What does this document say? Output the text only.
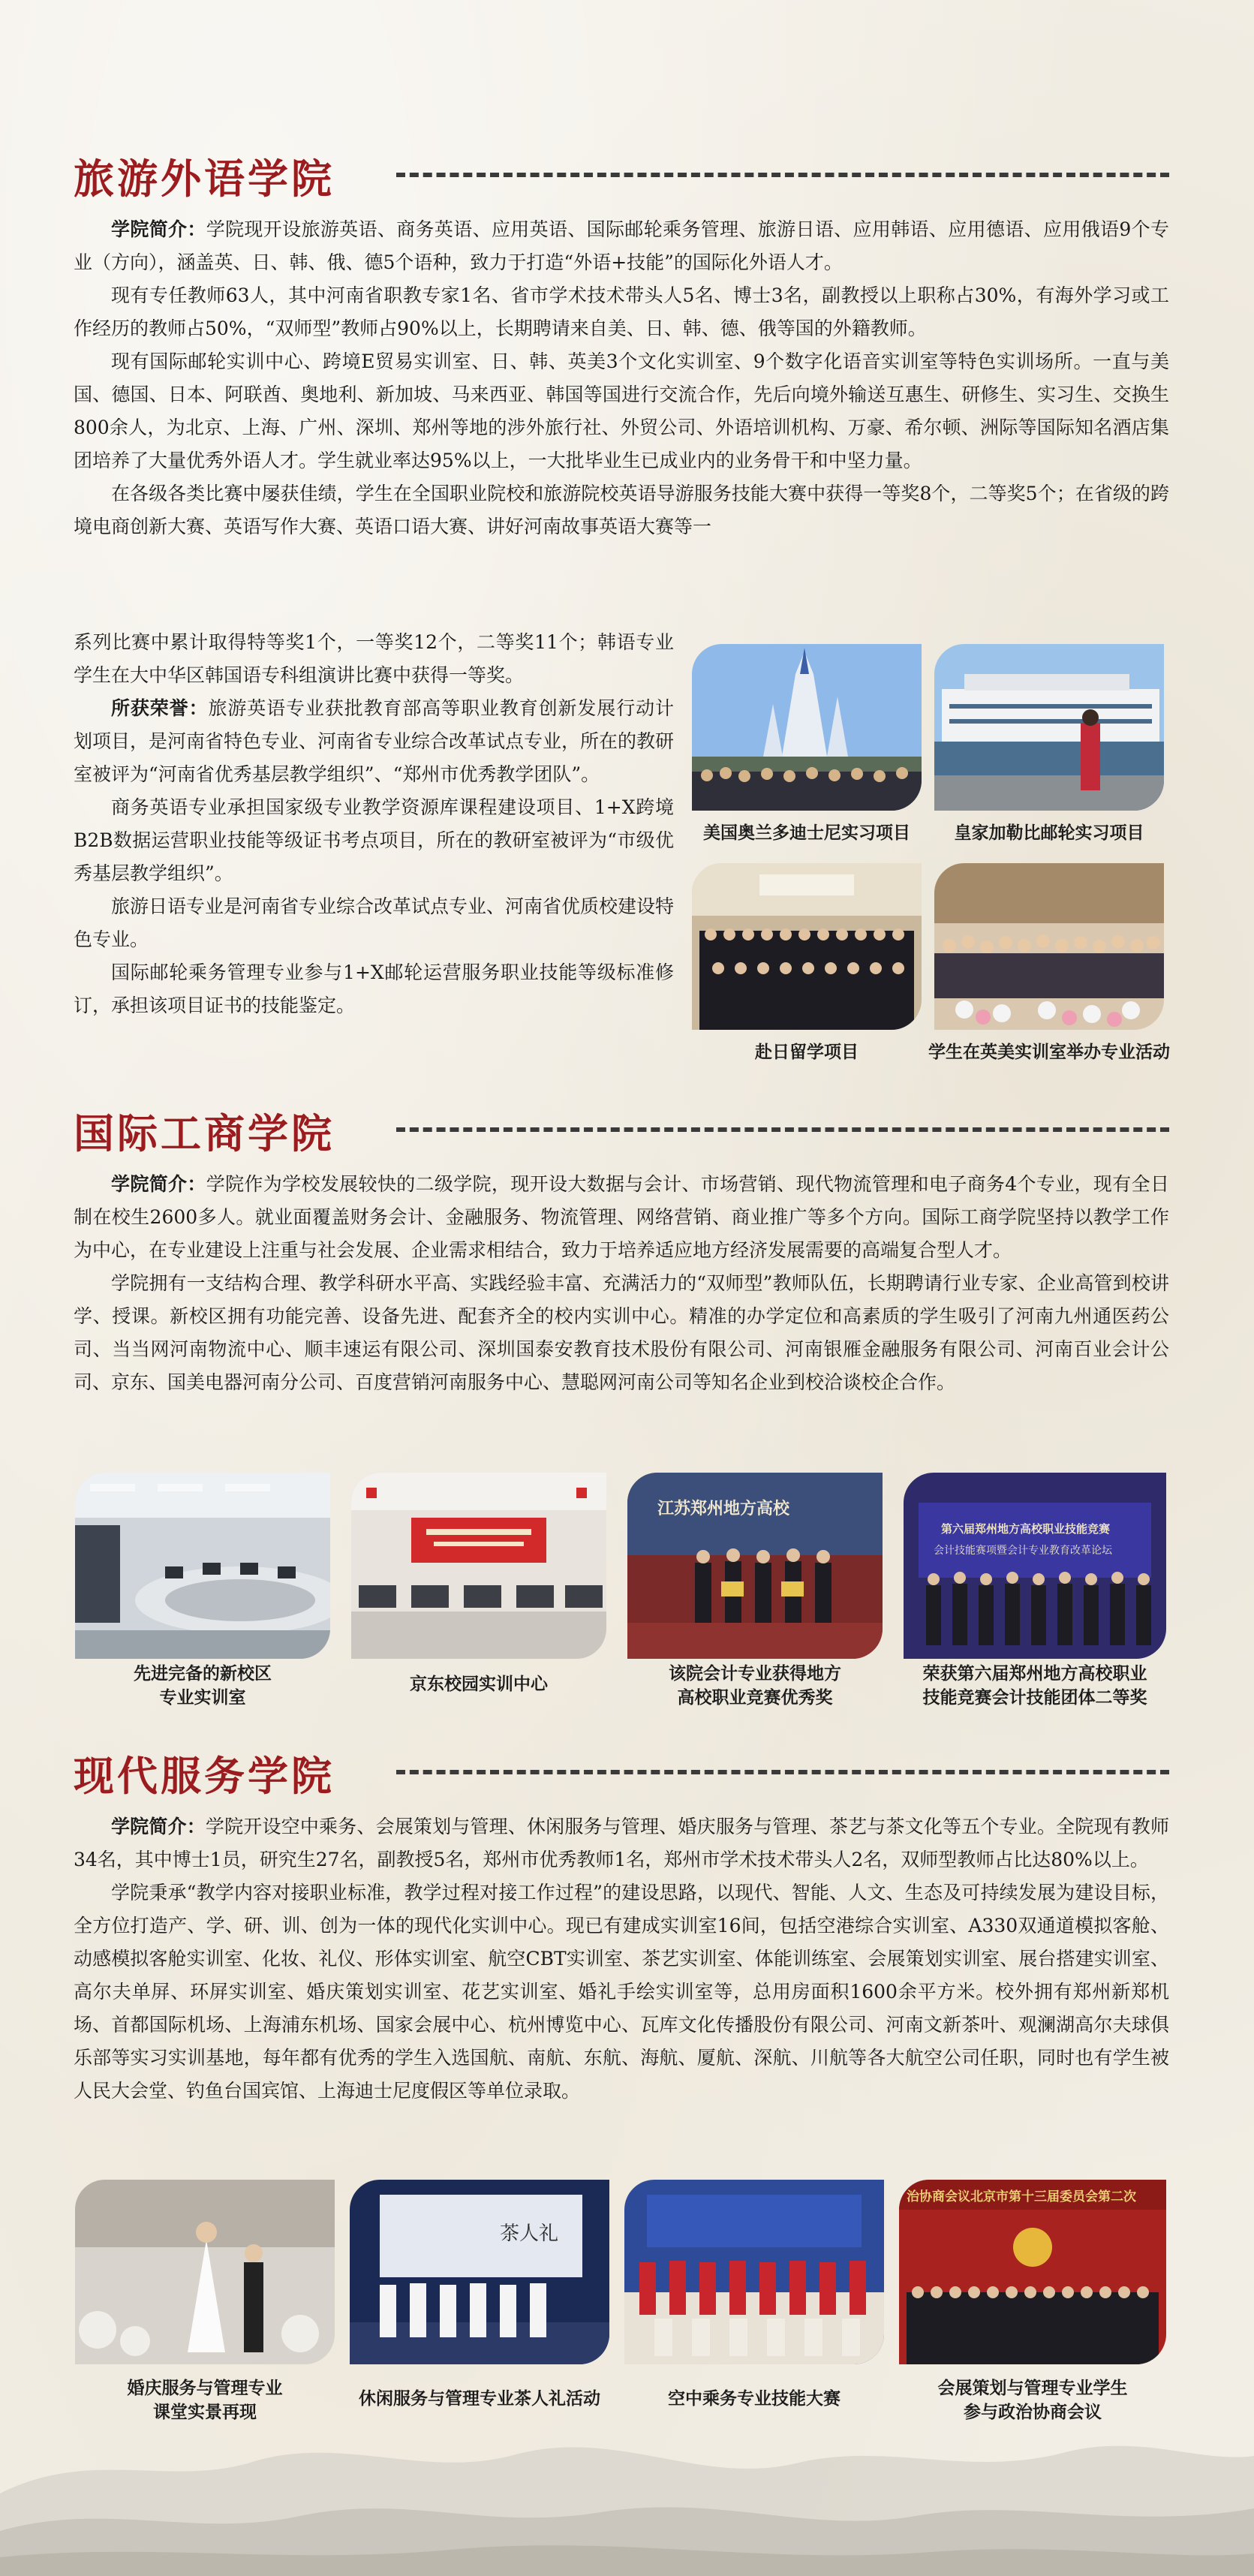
旅游外语学院

学院简介：学院现开设旅游英语、商务英语、应用英语、国际邮轮乘务管理、旅游日语、应用韩语、应用德语、应用俄语9个专业（方向），涵盖英、日、韩、俄、德5个语种，致力于打造“外语+技能”的国际化外语人才。

现有专任教师63人，其中河南省职教专家1名、省市学术技术带头人5名、博士3名，副教授以上职称占30%，有海外学习或工作经历的教师占50%，“双师型”教师占90%以上，长期聘请来自美、日、韩、德、俄等国的外籍教师。

现有国际邮轮实训中心、跨境E贸易实训室、日、韩、英美3个文化实训室、9个数字化语音实训室等特色实训场所。一直与美国、德国、日本、阿联酋、奥地利、新加坡、马来西亚、韩国等国进行交流合作，先后向境外输送互惠生、研修生、实习生、交换生800余人，为北京、上海、广州、深圳、郑州等地的涉外旅行社、外贸公司、外语培训机构、万豪、希尔顿、洲际等国际知名酒店集团培养了大量优秀外语人才。学生就业率达95%以上，一大批毕业生已成业内的业务骨干和中坚力量。

在各级各类比赛中屡获佳绩，学生在全国职业院校和旅游院校英语导游服务技能大赛中获得一等奖8个，二等奖5个；在省级的跨境电商创新大赛、英语写作大赛、英语口语大赛、讲好河南故事英语大赛等一

系列比赛中累计取得特等奖1个，一等奖12个，二等奖11个；韩语专业学生在大中华区韩国语专科组演讲比赛中获得一等奖。

所获荣誉：旅游英语专业获批教育部高等职业教育创新发展行动计划项目，是河南省特色专业、河南省专业综合改革试点专业，所在的教研室被评为“河南省优秀基层教学组织”、“郑州市优秀教学团队”。

商务英语专业承担国家级专业教学资源库课程建设项目、1+X跨境B2B数据运营职业技能等级证书考点项目，所在的教研室被评为“市级优秀基层教学组织”。

旅游日语专业是河南省专业综合改革试点专业、河南省优质校建设特色专业。

国际邮轮乘务管理专业参与1+X邮轮运营服务职业技能等级标准修订，承担该项目证书的技能鉴定。

美国奥兰多迪士尼实习项目	皇家加勒比邮轮实习项目
赴日留学项目	学生在英美实训室举办专业活动
国际工商学院

学院简介：学院作为学校发展较快的二级学院，现开设大数据与会计、市场营销、现代物流管理和电子商务4个专业，现有全日制在校生2600多人。就业面覆盖财务会计、金融服务、物流管理、网络营销、商业推广等多个方向。国际工商学院坚持以教学工作为中心，在专业建设上注重与社会发展、企业需求相结合，致力于培养适应地方经济发展需要的高端复合型人才。

学院拥有一支结构合理、教学科研水平高、实践经验丰富、充满活力的“双师型”教师队伍，长期聘请行业专家、企业高管到校讲学、授课。新校区拥有功能完善、设备先进、配套齐全的校内实训中心。精准的办学定位和高素质的学生吸引了河南九州通医药公司、当当网河南物流中心、顺丰速运有限公司、深圳国泰安教育技术股份有限公司、河南银雁金融服务有限公司、河南百业会计公司、京东、国美电器河南分公司、百度营销河南服务中心、慧聪网河南公司等知名企业到校洽谈校企合作。

先进完备的新校区
专业实训室
京东校园实训中心
江苏郑州地方高校
该院会计专业获得地方
高校职业竞赛优秀奖
第六届郑州地方高校职业技能竞赛
会计技能赛项暨会计专业教育改革论坛
荣获第六届郑州地方高校职业
技能竞赛会计技能团体二等奖
现代服务学院

学院简介：学院开设空中乘务、会展策划与管理、休闲服务与管理、婚庆服务与管理、茶艺与茶文化等五个专业。全院现有教师34名，其中博士1员，研究生27名，副教授5名，郑州市优秀教师1名，郑州市学术技术带头人2名，双师型教师占比达80%以上。

学院秉承“教学内容对接职业标准，教学过程对接工作过程”的建设思路，以现代、智能、人文、生态及可持续发展为建设目标，全方位打造产、学、研、训、创为一体的现代化实训中心。现已有建成实训室16间，包括空港综合实训室、A330双通道模拟客舱、动感模拟客舱实训室、化妆、礼仪、形体实训室、航空CBT实训室、茶艺实训室、体能训练室、会展策划实训室、展台搭建实训室、高尔夫单屏、环屏实训室、婚庆策划实训室、花艺实训室、婚礼手绘实训室等，总用房面积1600余平方米。校外拥有郑州新郑机场、首都国际机场、上海浦东机场、国家会展中心、杭州博览中心、瓦库文化传播股份有限公司、河南文新茶叶、观澜湖高尔夫球俱乐部等实习实训基地，每年都有优秀的学生入选国航、南航、东航、海航、厦航、深航、川航等各大航空公司任职，同时也有学生被人民大会堂、钓鱼台国宾馆、上海迪士尼度假区等单位录取。

婚庆服务与管理专业
课堂实景再现
茶人礼
休闲服务与管理专业茶人礼活动	空中乘务专业技能大赛
治协商会议北京市第十三届委员会第二次
会展策划与管理专业学生
参与政治协商会议
